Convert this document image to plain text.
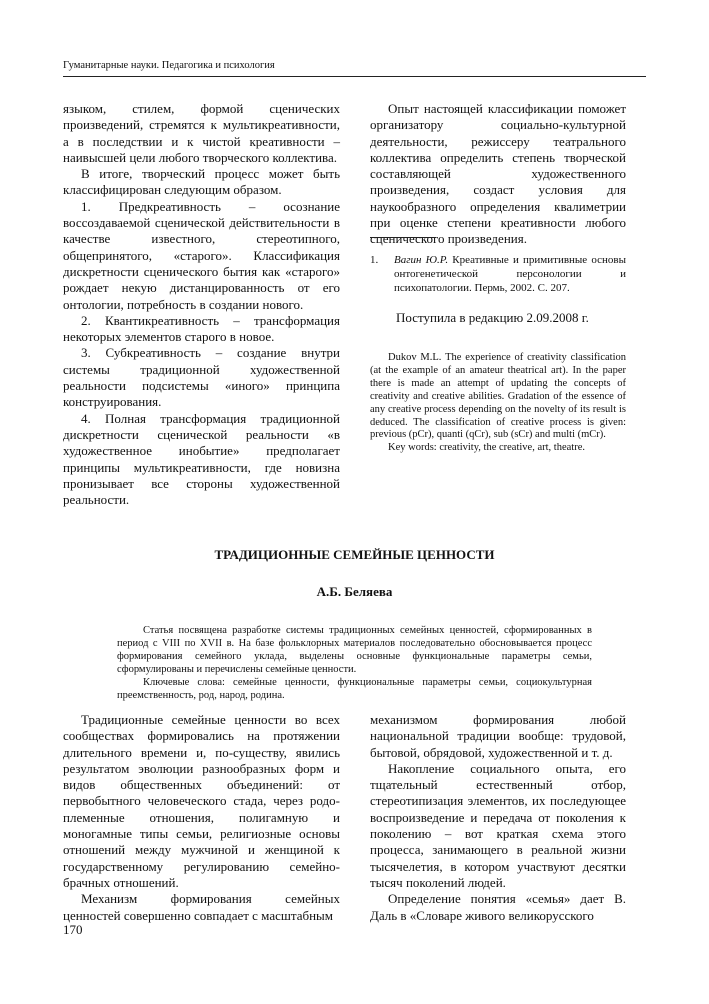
Гуманитарные науки. Педагогика и психология

языком, стилем, формой сценических произведений, стремятся к мультикреативности, а в последствии и к чистой креативности – наивысшей цели любого творческого коллектива.

В итоге, творческий процесс может быть классифицирован следующим образом.

1. Предкреативность – осознание воссоздаваемой сценической действительности в качестве известного, стереотипного, общепринятого, «старого». Классификация дискретности сценического бытия как «старого» рождает некую дистанцированность от его онтологии, потребность в создании нового.

2. Квантикреативность – трансформация некоторых элементов старого в новое.

3. Субкреативность – создание внутри системы традиционной художественной реальности подсистемы «иного» принципа конструирования.

4. Полная трансформация традиционной дискретности сценической реальности «в художественное инобытие» предполагает принципы мультикреативности, где новизна пронизывает все стороны художественной реальности.

Опыт настоящей классификации поможет организатору социально-культурной деятельности, режиссеру театрального коллектива определить степень творческой составляющей художественного произведения, создаст условия для наукообразного определения квалиметрии при оценке степени креативности любого сценического произведения.

1.	Вагин Ю.Р. Креативные и примитивные основы онтогенетической персонологии и психопатологии. Пермь, 2002. С. 207.
Поступила в редакцию 2.09.2008 г.

Dukov M.L. The experience of creativity classification (at the example of an amateur theatrical art). In the paper there is made an attempt of updating the concepts of creativity and creative abilities. Gradation of the essence of any creative process depending on the novelty of its result is deduced. The classification of creative process is given: previous (pCr), quanti (qCr), sub (sCr) and multi (mCr).

Key words: creativity, the creative, art, theatre.

ТРАДИЦИОННЫЕ СЕМЕЙНЫЕ ЦЕННОСТИ
А.Б. Беляева

Статья посвящена разработке системы традиционных семейных ценностей, сформированных в период с VIII по XVII в. На базе фольклорных материалов последовательно обосновывается процесс формирования семейного уклада, выделены основные функциональные параметры семьи, сформулированы и перечислены семейные ценности.

Ключевые слова: семейные ценности, функциональные параметры семьи, социокультурная преемственность, род, народ, родина.

Традиционные семейные ценности во всех сообществах формировались на протяжении длительного времени и, по-существу, явились результатом эволюции разнообразных форм и видов общественных объединений: от первобытного человеческого стада, через родо-племенные отношения, полигамную и моногамные типы семьи, религиозные основы отношений между мужчиной и женщиной к государственному регулированию семейно-брачных отношений.

Механизм формирования семейных ценностей совершенно совпадает с масштабным

механизмом формирования любой национальной традиции вообще: трудовой, бытовой, обрядовой, художественной и т. д.

Накопление социального опыта, его тщательный естественный отбор, стереотипизация элементов, их последующее воспроизведение и передача от поколения к поколению – вот краткая схема этого процесса, занимающего в реальной жизни тысячелетия, в котором участвуют десятки тысяч поколений людей.

Определение понятия «семья» дает В. Даль в «Словаре живого великорусского

170
